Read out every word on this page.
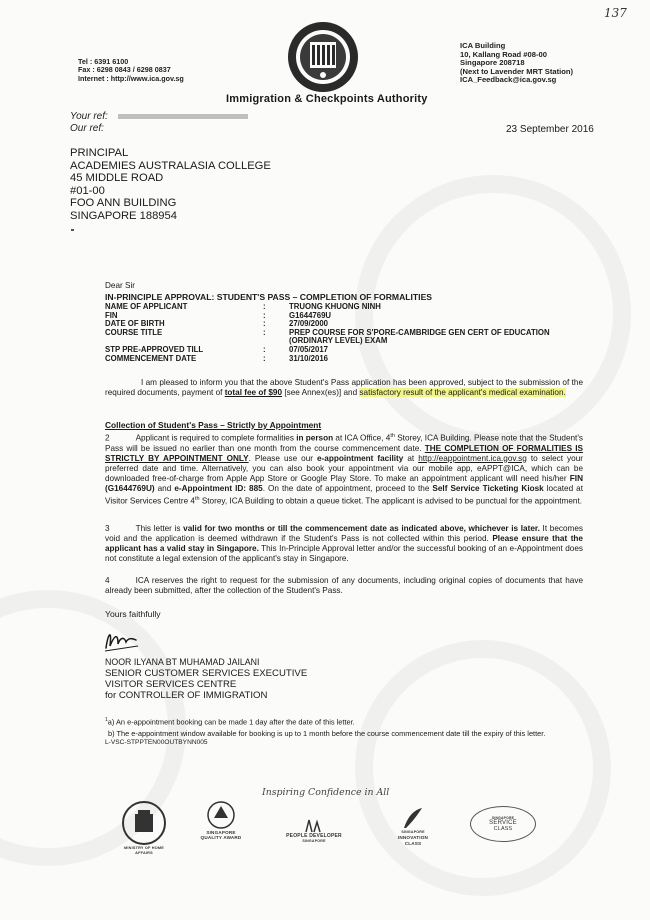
137
Tel : 6391 6100
Fax : 6298 0843 / 6298 0837
Internet : http://www.ica.gov.sg
ICA Building
10, Kallang Road #08-00
Singapore 208718
(Next to Lavender MRT Station)
ICA_Feedback@ica.gov.sg
Immigration & Checkpoints Authority
Your ref:
Our ref:	23 September 2016
PRINCIPAL
ACADEMIES AUSTRALASIA COLLEGE
45 MIDDLE ROAD
#01-00
FOO ANN BUILDING
SINGAPORE 188954
Dear Sir
IN-PRINCIPLE APPROVAL: STUDENT'S PASS – COMPLETION OF FORMALITIES
NAME OF APPLICANT	:	TRUONG KHUONG NINH
FIN	:	G1644769U
DATE OF BIRTH	:	27/09/2000
COURSE TITLE	:	PREP COURSE FOR S'PORE-CAMBRIDGE GEN CERT OF EDUCATION
(ORDINARY LEVEL) EXAM
STP PRE-APPROVED TILL	:	07/05/2017
COMMENCEMENT DATE	:	31/10/2016
I am pleased to inform you that the above Student's Pass application has been approved, subject to the submission of the required documents, payment of total fee of $90 [see Annex(es)] and satisfactory result of the applicant's medical examination.
Collection of Student's Pass – Strictly by Appointment
2	Applicant is required to complete formalities in person at ICA Office, 4th Storey, ICA Building. Please note that the Student's Pass will be issued no earlier than one month from the course commencement date. THE COMPLETION OF FORMALITIES IS STRICTLY BY APPOINTMENT ONLY. Please use our e-appointment facility at http://eappointment.ica.gov.sg to select your preferred date and time. Alternatively, you can also book your appointment via our mobile app, eAPPT@ICA, which can be downloaded free-of-charge from Apple App Store or Google Play Store. To make an appointment applicant will need his/her FIN (G1644769U) and e-Appointment ID: 885. On the date of appointment, proceed to the Self Service Ticketing Kiosk located at Visitor Services Centre 4th Storey, ICA Building to obtain a queue ticket. The applicant is advised to be punctual for the appointment.
3	This letter is valid for two months or till the commencement date as indicated above, whichever is later. It becomes void and the application is deemed withdrawn if the Student's Pass is not collected within this period. Please ensure that the applicant has a valid stay in Singapore. This In-Principle Approval letter and/or the successful booking of an e-Appointment does not constitute a legal extension of the applicant's stay in Singapore.
4	ICA reserves the right to request for the submission of any documents, including original copies of documents that have already been submitted, after the collection of the Student's Pass.
Yours faithfully
NOOR ILYANA BT MUHAMAD JAILANI
SENIOR CUSTOMER SERVICES EXECUTIVE
VISITOR SERVICES CENTRE
for CONTROLLER OF IMMIGRATION
$^1$a) An e-appointment booking can be made 1 day after the date of this letter.
b) The e-appointment window available for booking is up to 1 month before the course commencement date till the expiry of this letter.
L-VSC-STPPTEN00OUTBYNN005
Inspiring Confidence in All
MINISTRY OF HOME AFFAIRS
SINGAPORE QUALITY AWARD	PEOPLE DEVELOPER
SINGAPORE
SINGAPORE
INNOVATION
CLASS
SINGAPORE
SERVICE
CLASS
